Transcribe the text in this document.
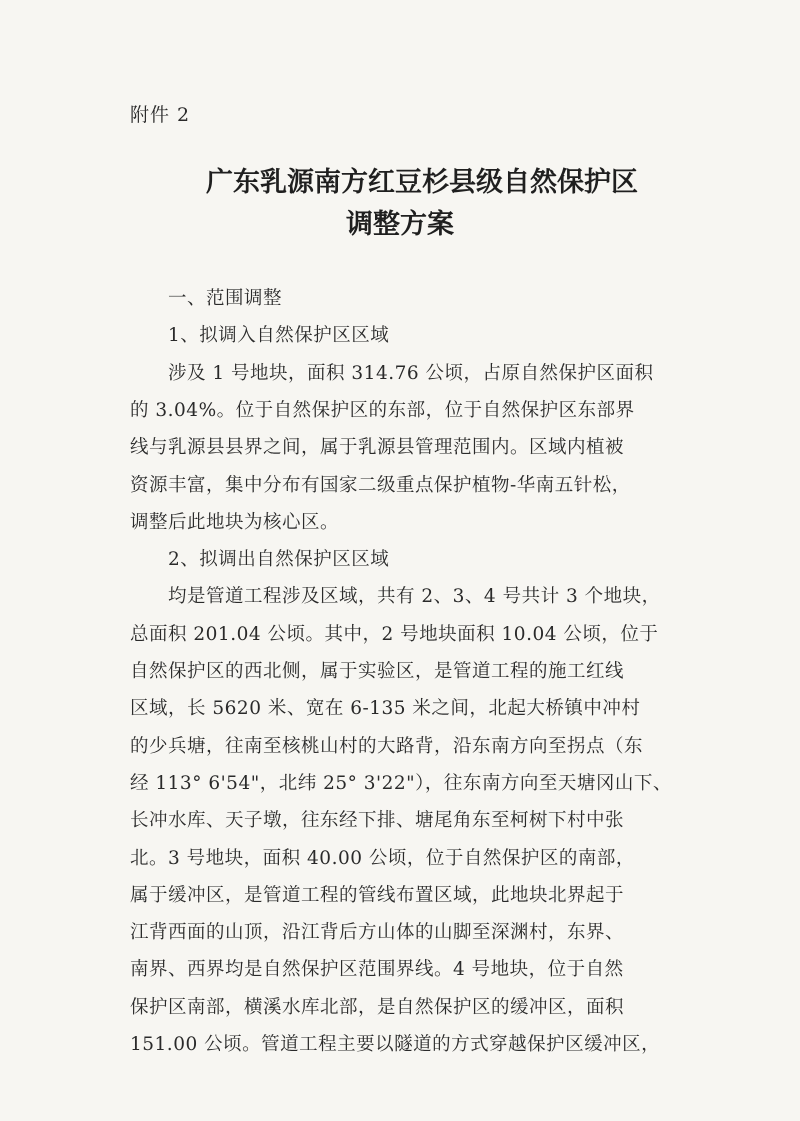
附件 2
广东乳源南方红豆杉县级自然保护区
调整方案
　　一、范围调整
　　1、拟调入自然保护区区域
　　涉及 1 号地块，面积 314.76 公顷，占原自然保护区面积
的 3.04%。位于自然保护区的东部，位于自然保护区东部界
线与乳源县县界之间，属于乳源县管理范围内。区域内植被
资源丰富，集中分布有国家二级重点保护植物-华南五针松，
调整后此地块为核心区。
　　2、拟调出自然保护区区域
　　均是管道工程涉及区域，共有 2、3、4 号共计 3 个地块，
总面积 201.04 公顷。其中，2 号地块面积 10.04 公顷，位于
自然保护区的西北侧，属于实验区，是管道工程的施工红线
区域，长 5620 米、宽在 6-135 米之间，北起大桥镇中冲村
的少兵塘，往南至核桃山村的大路背，沿东南方向至拐点（东
经 113° 6'54"，北纬 25° 3'22"），往东南方向至天塘冈山下、
长冲水库、天子墩，往东经下排、塘尾角东至柯树下村中张
北。3 号地块，面积 40.00 公顷，位于自然保护区的南部，
属于缓冲区，是管道工程的管线布置区域，此地块北界起于
江背西面的山顶，沿江背后方山体的山脚至深渊村，东界、
南界、西界均是自然保护区范围界线。4 号地块，位于自然
保护区南部，横溪水库北部，是自然保护区的缓冲区，面积
151.00 公顷。管道工程主要以隧道的方式穿越保护区缓冲区，
